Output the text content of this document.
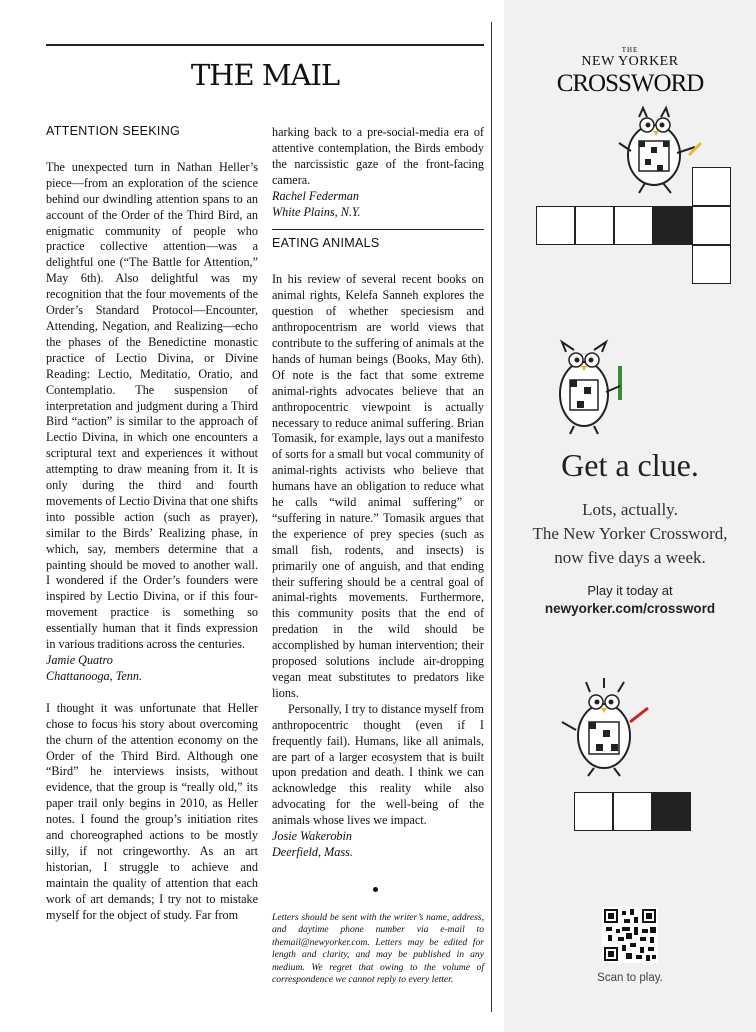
THE MAIL
ATTENTION SEEKING

The unexpected turn in Nathan Heller’s piece—from an exploration of the science behind our dwindling attention spans to an account of the Order of the Third Bird, an enigmatic community of people who practice collective attention—was a delightful one (“The Battle for Attention,” May 6th). Also delightful was my recognition that the four movements of the Order’s Standard Protocol—Encounter, Attending, Negation, and Realizing—echo the phases of the Benedictine monastic practice of Lectio Divina, or Divine Reading: Lectio, Meditatio, Oratio, and Contemplatio. The suspension of interpretation and judgment during a Third Bird “action” is similar to the approach of Lectio Divina, in which one encounters a scriptural text and experiences it without attempting to draw meaning from it. It is only during the third and fourth movements of Lectio Divina that one shifts into possible action (such as prayer), similar to the Birds’ Realizing phase, in which, say, members determine that a painting should be moved to another wall. I wondered if the Order’s founders were inspired by Lectio Divina, or if this four-movement practice is something so essentially human that it finds expression in various traditions across the centuries.

Jamie Quatro
Chattanooga, Tenn.

I thought it was unfortunate that Heller chose to focus his story about overcoming the churn of the attention economy on the Order of the Third Bird. Although one “Bird” he interviews insists, without evidence, that the group is “really old,” its paper trail only begins in 2010, as Heller notes. I found the group’s initiation rites and choreographed actions to be mostly silly, if not cringeworthy. As an art historian, I struggle to achieve and maintain the quality of attention that each work of art demands; I try not to mistake myself for the object of study. Far from

harking back to a pre-social-media era of attentive contemplation, the Birds embody the narcissistic gaze of the front-facing camera.

Rachel Federman
White Plains, N.Y.
EATING ANIMALS

In his review of several recent books on animal rights, Kelefa Sanneh explores the question of whether speciesism and anthropocentrism are world views that contribute to the suffering of animals at the hands of human beings (Books, May 6th). Of note is the fact that some extreme animal-rights advocates believe that an anthropocentric viewpoint is actually necessary to reduce animal suffering. Brian Tomasik, for example, lays out a manifesto of sorts for a small but vocal community of animal-rights activists who believe that humans have an obligation to reduce what he calls “wild animal suffering” or “suffering in nature.” Tomasik argues that the experience of prey species (such as small fish, rodents, and insects) is primarily one of anguish, and that ending their suffering should be a central goal of animal-rights movements. Furthermore, this community posits that the end of predation in the wild should be accomplished by human intervention; their proposed solutions include air-dropping vegan meat substitutes to predators like lions.

Personally, I try to distance myself from anthropocentric thought (even if I frequently fail). Humans, like all animals, are part of a larger ecosystem that is built upon predation and death. I think we can acknowledge this reality while also advocating for the well-being of the animals whose lives we impact.

Josie Wakerobin
Deerfield, Mass.
Letters should be sent with the writer’s name, address, and daytime phone number via e-mail to themail@newyorker.com. Letters may be edited for length and clarity, and may be published in any medium. We regret that owing to the volume of correspondence we cannot reply to every letter.
THE
NEW YORKER
CROSSWORD
Get a clue.
Lots, actually.
The New Yorker Crossword,
now five days a week.
Play it today at
newyorker.com/crossword
Scan to play.
